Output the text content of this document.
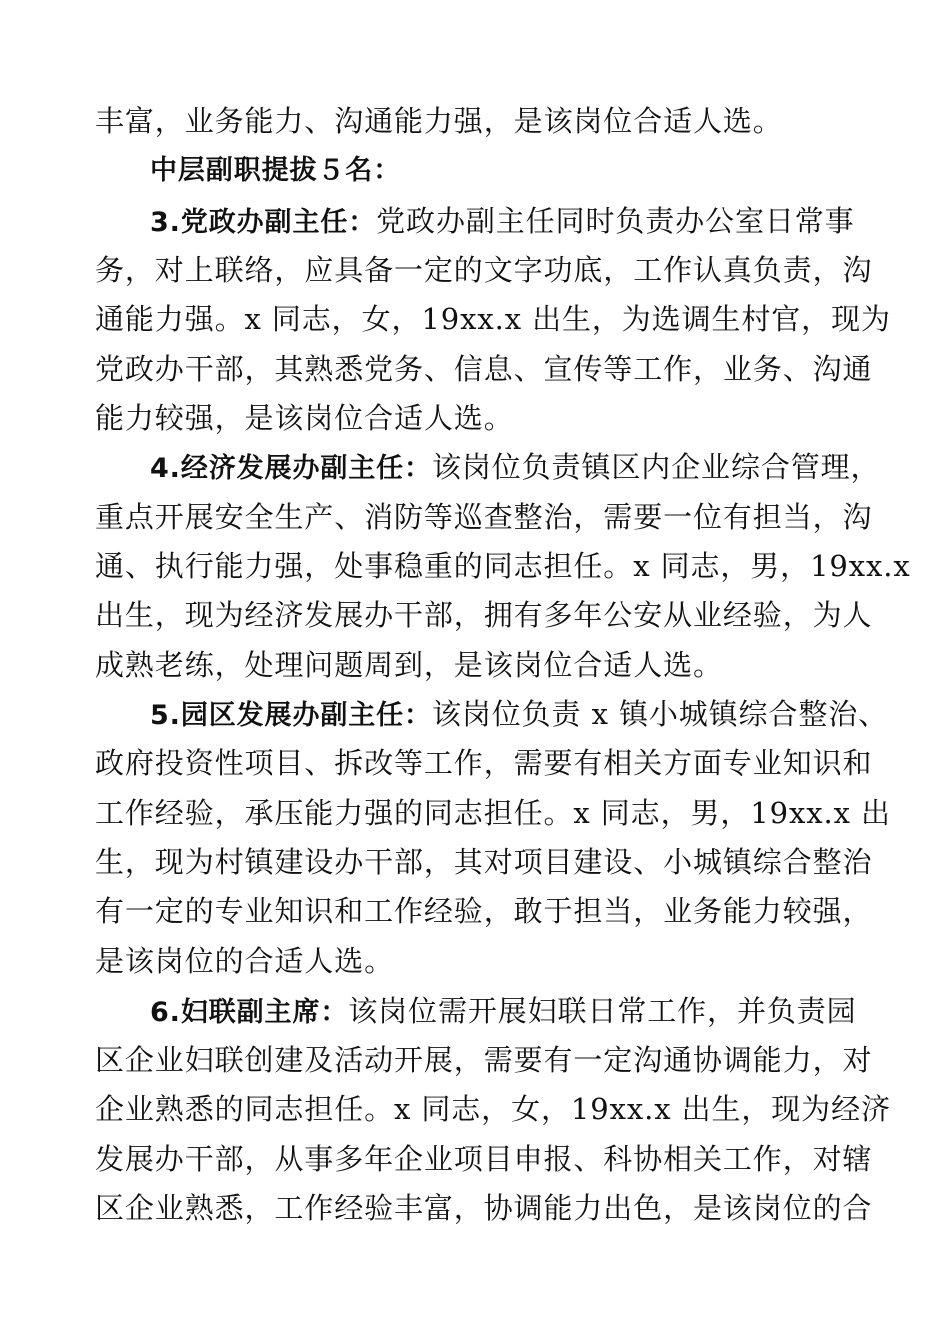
丰富，业务能力、沟通能力强，是该岗位合适人选。
中层副职提拔５名：
3.党政办副主任：党政办副主任同时负责办公室日常事
务，对上联络，应具备一定的文字功底，工作认真负责，沟
通能力强。x 同志，女，19xx.x 出生，为选调生村官，现为
党政办干部，其熟悉党务、信息、宣传等工作，业务、沟通
能力较强，是该岗位合适人选。
4.经济发展办副主任：该岗位负责镇区内企业综合管理，
重点开展安全生产、消防等巡查整治，需要一位有担当，沟
通、执行能力强，处事稳重的同志担任。x 同志，男，19xx.x
出生，现为经济发展办干部，拥有多年公安从业经验，为人
成熟老练，处理问题周到，是该岗位合适人选。
5.园区发展办副主任：该岗位负责 x 镇小城镇综合整治、
政府投资性项目、拆改等工作，需要有相关方面专业知识和
工作经验，承压能力强的同志担任。x 同志，男，19xx.x 出
生，现为村镇建设办干部，其对项目建设、小城镇综合整治
有一定的专业知识和工作经验，敢于担当，业务能力较强，
是该岗位的合适人选。
6.妇联副主席：该岗位需开展妇联日常工作，并负责园
区企业妇联创建及活动开展，需要有一定沟通协调能力，对
企业熟悉的同志担任。x 同志，女，19xx.x 出生，现为经济
发展办干部，从事多年企业项目申报、科协相关工作，对辖
区企业熟悉，工作经验丰富，协调能力出色，是该岗位的合
